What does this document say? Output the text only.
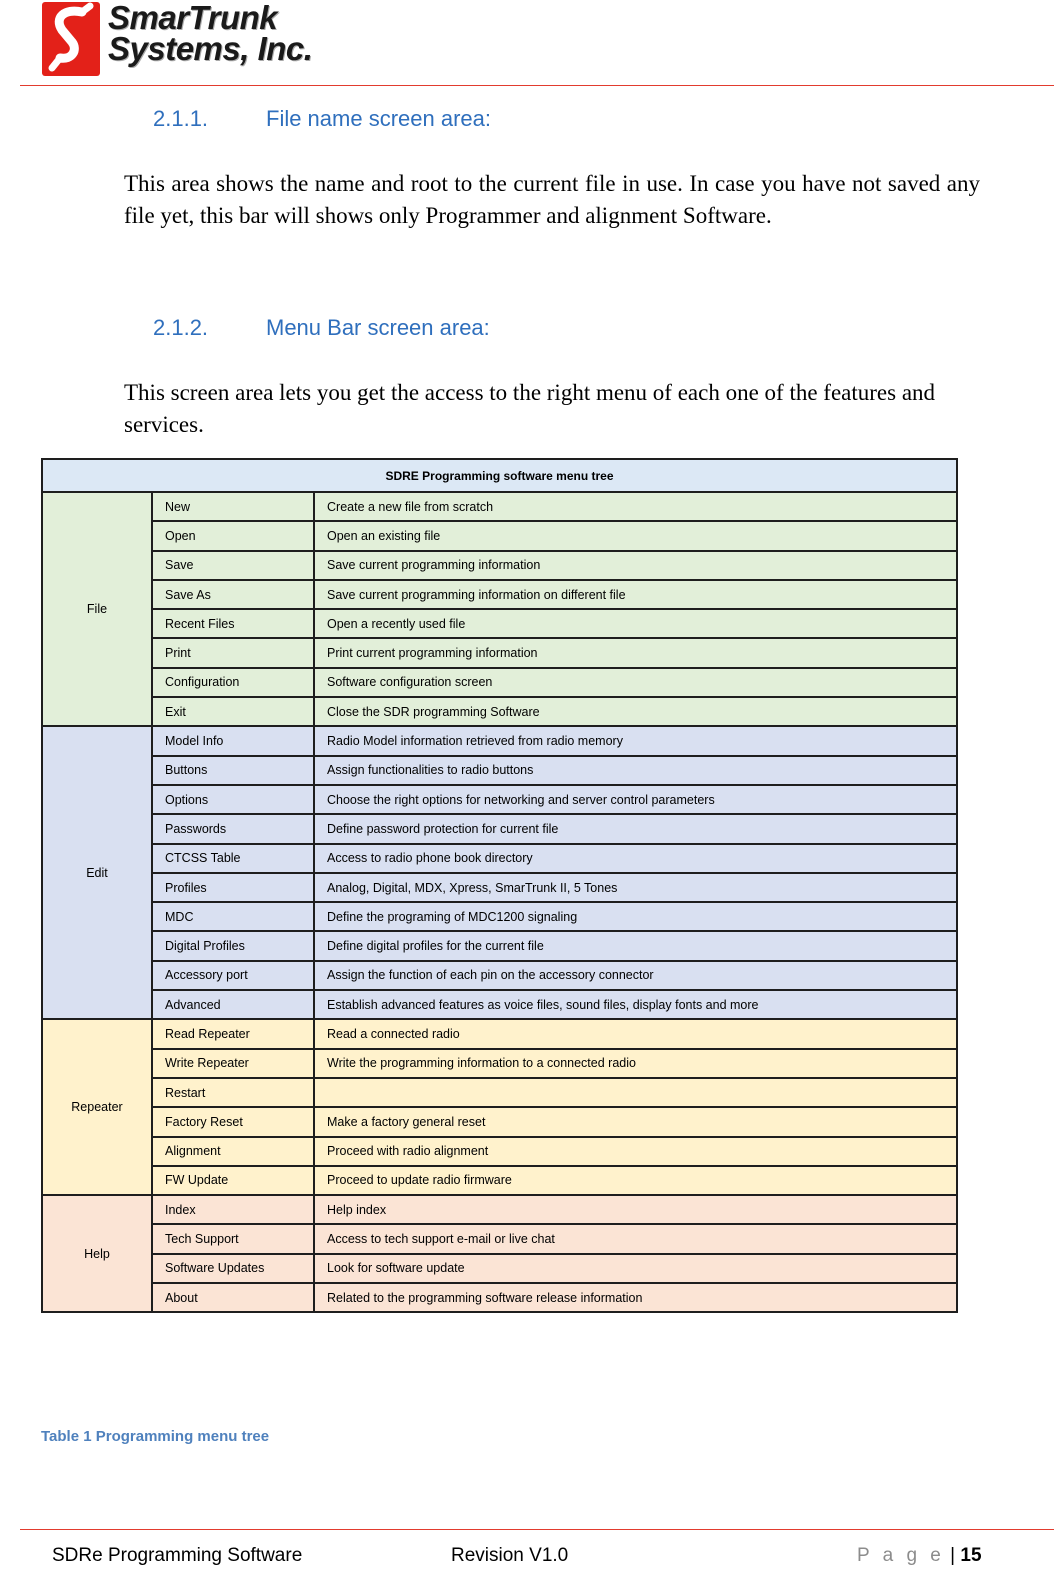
SmarTrunk
Systems, Inc.
2.1.1.	File name screen area:
This area shows the name and root to the current file in use. In case you have not saved any file yet, this bar will shows only Programmer and alignment Software.
2.1.2.	Menu Bar screen area:
This screen area lets you get the access to the right menu of each one of the features and services.
SDRE Programming software menu tree		
File	New	Create a new file from scratch
	Open	Open an existing file
	Save	Save current programming information
	Save As	Save current programming information on different file
	Recent Files	Open a recently used file
	Print	Print current programming information
	Configuration	Software configuration screen
	Exit	Close the SDR programming Software
Edit	Model Info	Radio Model information retrieved from radio memory
	Buttons	Assign functionalities to radio buttons
	Options	Choose the right options for networking and server control parameters
	Passwords	Define password protection for current file
	CTCSS Table	Access to radio phone book directory
	Profiles	Analog, Digital, MDX, Xpress, SmarTrunk II, 5 Tones
	MDC	Define the programing of MDC1200 signaling
	Digital Profiles	Define digital profiles for the current file
	Accessory port	Assign the function of each pin on the accessory connector
	Advanced	Establish advanced features as voice files, sound files, display fonts and more
Repeater	Read Repeater	Read a connected radio
	Write Repeater	Write the programming information to a connected radio
	Restart	
	Factory Reset	Make a factory general reset
	Alignment	Proceed with radio alignment
	FW Update	Proceed to update radio firmware
Help	Index	Help index
	Tech Support	Access to tech support e-mail or live chat
	Software Updates	Look for software update
	About	Related to the programming software release information
Table 1 Programming menu tree
SDRe Programming Software	Revision V1.0	P a g e | 15
